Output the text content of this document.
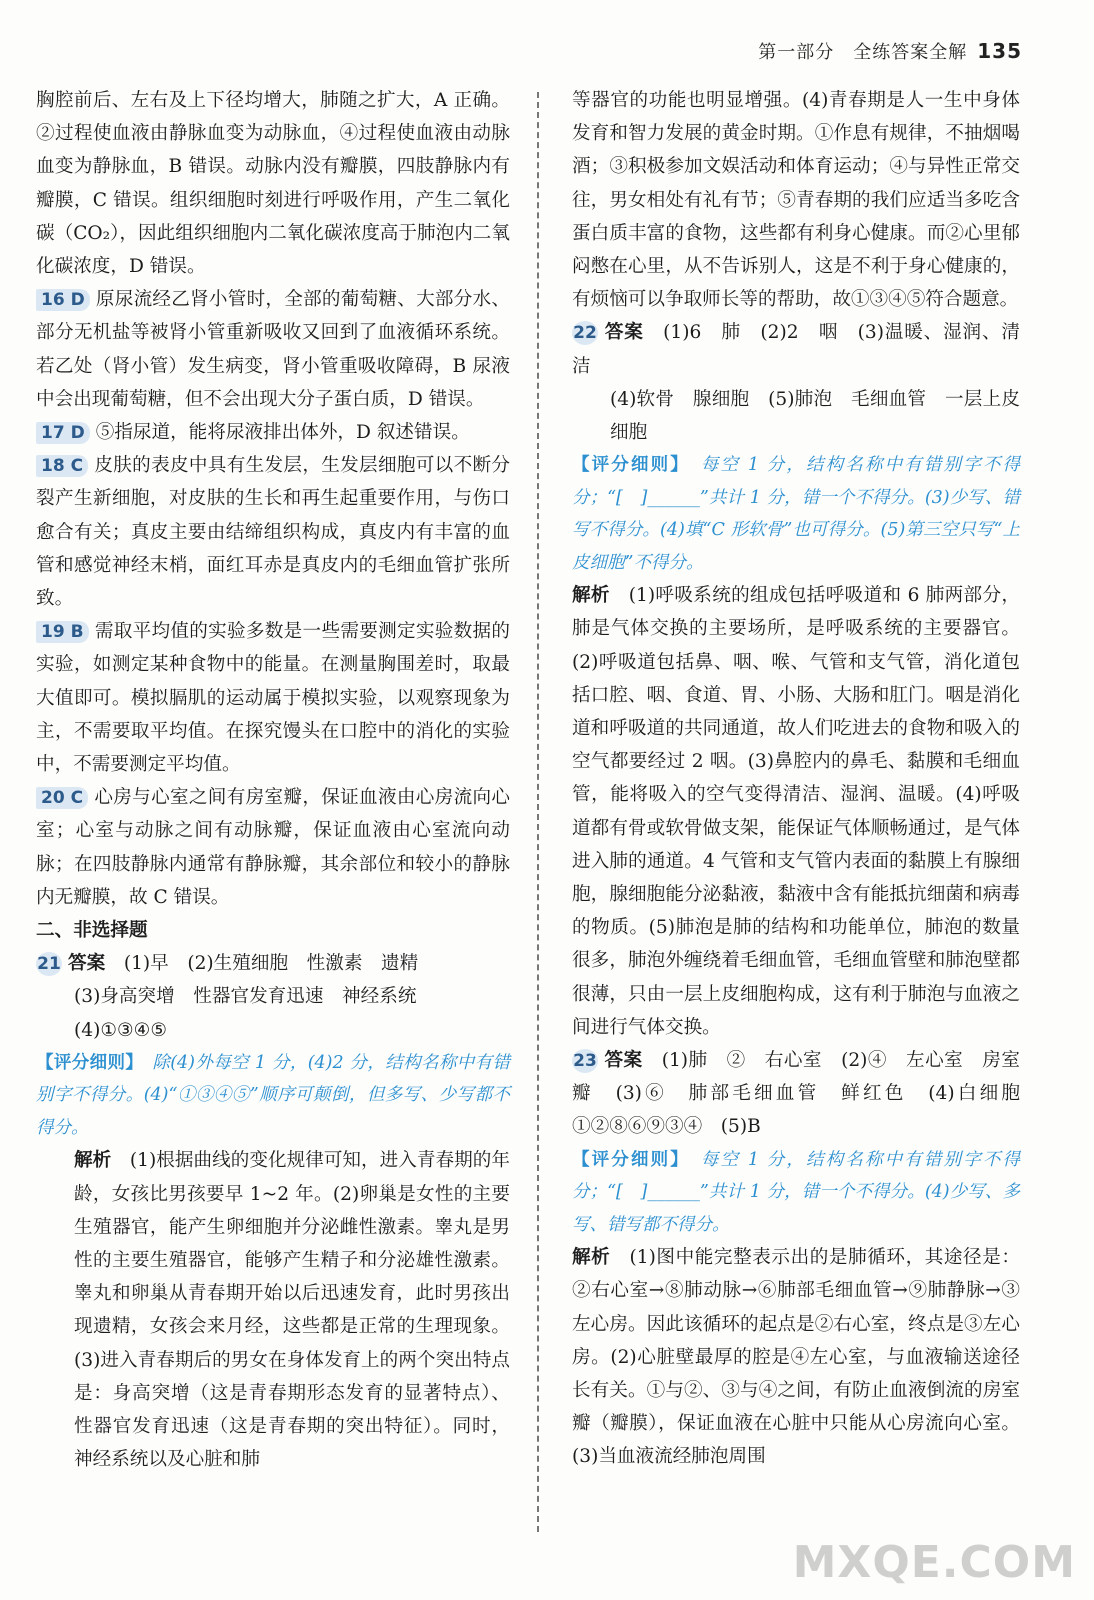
第一部分　全练答案全解 135

胸腔前后、左右及上下径均增大，肺随之扩大，A 正确。②过程使血液由静脉血变为动脉血，④过程使血液由动脉血变为静脉血，B 错误。动脉内没有瓣膜，四肢静脉内有瓣膜，C 错误。组织细胞时刻进行呼吸作用，产生二氧化碳（CO₂），因此组织细胞内二氧化碳浓度高于肺泡内二氧化碳浓度，D 错误。

16 D 原尿流经乙肾小管时，全部的葡萄糖、大部分水、部分无机盐等被肾小管重新吸收又回到了血液循环系统。若乙处（肾小管）发生病变，肾小管重吸收障碍，B 尿液中会出现葡萄糖，但不会出现大分子蛋白质，D 错误。

17 D ⑤指尿道，能将尿液排出体外，D 叙述错误。

18 C 皮肤的表皮中具有生发层，生发层细胞可以不断分裂产生新细胞，对皮肤的生长和再生起重要作用，与伤口愈合有关；真皮主要由结缔组织构成，真皮内有丰富的血管和感觉神经末梢，面红耳赤是真皮内的毛细血管扩张所致。

19 B 需取平均值的实验多数是一些需要测定实验数据的实验，如测定某种食物中的能量。在测量胸围差时，取最大值即可。模拟膈肌的运动属于模拟实验，以观察现象为主，不需要取平均值。在探究馒头在口腔中的消化的实验中，不需要测定平均值。

20 C 心房与心室之间有房室瓣，保证血液由心房流向心室；心室与动脉之间有动脉瓣，保证血液由心室流向动脉；在四肢静脉内通常有静脉瓣，其余部位和较小的静脉内无瓣膜，故 C 错误。

二、非选择题

21 答案　 (1)早　(2)生殖细胞　性激素　遗精

(3)身高突增　性器官发育迅速　神经系统

(4)①③④⑤

【评分细则】　 除(4)外每空 1 分，(4)2 分，结构名称中有错别字不得分。(4)“①③④⑤”顺序可颠倒，但多写、少写都不得分。

解析　 (1)根据曲线的变化规律可知，进入青春期的年龄，女孩比男孩要早 1~2 年。(2)卵巢是女性的主要生殖器官，能产生卵细胞并分泌雌性激素。睾丸是男性的主要生殖器官，能够产生精子和分泌雄性激素。睾丸和卵巢从青春期开始以后迅速发育，此时男孩出现遗精，女孩会来月经，这些都是正常的生理现象。(3)进入青春期后的男女在身体发育上的两个突出特点是：身高突增（这是青春期形态发育的显著特点）、性器官发育迅速（这是青春期的突出特征）。同时，神经系统以及心脏和肺

等器官的功能也明显增强。(4)青春期是人一生中身体发育和智力发展的黄金时期。①作息有规律，不抽烟喝酒；③积极参加文娱活动和体育运动；④与异性正常交往，男女相处有礼有节；⑤青春期的我们应适当多吃含蛋白质丰富的食物，这些都有利身心健康。而②心里郁闷憋在心里，从不告诉别人，这是不利于身心健康的，有烦恼可以争取师长等的帮助，故①③④⑤符合题意。

22 答案　 (1)6　肺　(2)2　咽　(3)温暖、湿润、清洁

(4)软骨　腺细胞　(5)肺泡　毛细血管　一层上皮细胞

【评分细则】　 每空 1 分，结构名称中有错别字不得分；“[　]______”共计 1 分，错一个不得分。(3)少写、错写不得分。(4)填“C 形软骨”也可得分。(5)第三空只写“上皮细胞”不得分。

解析　 (1)呼吸系统的组成包括呼吸道和 6 肺两部分，肺是气体交换的主要场所，是呼吸系统的主要器官。(2)呼吸道包括鼻、咽、喉、气管和支气管，消化道包括口腔、咽、食道、胃、小肠、大肠和肛门。咽是消化道和呼吸道的共同通道，故人们吃进去的食物和吸入的空气都要经过 2 咽。(3)鼻腔内的鼻毛、黏膜和毛细血管，能将吸入的空气变得清洁、湿润、温暖。(4)呼吸道都有骨或软骨做支架，能保证气体顺畅通过，是气体进入肺的通道。4 气管和支气管内表面的黏膜上有腺细胞，腺细胞能分泌黏液，黏液中含有能抵抗细菌和病毒的物质。(5)肺泡是肺的结构和功能单位，肺泡的数量很多，肺泡外缠绕着毛细血管，毛细血管壁和肺泡壁都很薄，只由一层上皮细胞构成，这有利于肺泡与血液之间进行气体交换。

23 答案　 (1)肺　②　右心室　(2)④　左心室　房室瓣　(3)⑥　肺部毛细血管　鲜红色　(4)白细胞　①②⑧⑥⑨③④　(5)B

【评分细则】　 每空 1 分，结构名称中有错别字不得分；“[　]______”共计 1 分，错一个不得分。(4)少写、多写、错写都不得分。

解析　 (1)图中能完整表示出的是肺循环，其途径是：②右心室→⑧肺动脉→⑥肺部毛细血管→⑨肺静脉→③左心房。因此该循环的起点是②右心室，终点是③左心房。(2)心脏壁最厚的腔是④左心室，与血液输送途径长有关。①与②、③与④之间，有防止血液倒流的房室瓣（瓣膜），保证血液在心脏中只能从心房流向心室。(3)当血液流经肺泡周围

MXQE.COM
